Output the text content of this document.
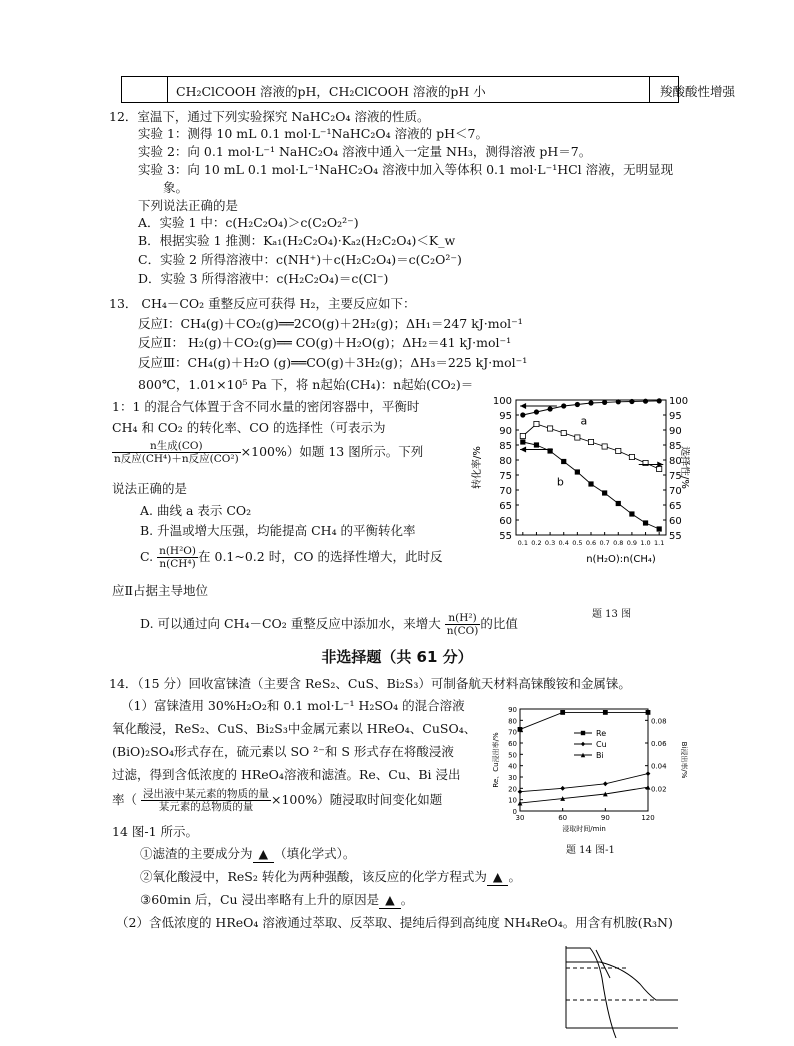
CH₂ClCOOH 溶液的pH，CH₂ClCOOH 溶液的pH 小	羧酸酸性增强
12．室温下，通过下列实验探究 NaHC₂O₄ 溶液的性质。
实验 1：测得 10 mL 0.1 mol·L⁻¹NaHC₂O₄ 溶液的 pH＜7。
实验 2：向 0.1 mol·L⁻¹ NaHC₂O₄ 溶液中通入一定量 NH₃，测得溶液 pH＝7。
实验 3：向 10 mL 0.1 mol·L⁻¹NaHC₂O₄ 溶液中加入等体积 0.1 mol·L⁻¹HCl 溶液，无明显现
象。
下列说法正确的是
A．实验 1 中：c(H₂C₂O₄)＞c(C₂O₂²⁻)
B．根据实验 1 推测：Kₐ₁(H₂C₂O₄)·Kₐ₂(H₂C₂O₄)＜K_w
C．实验 2 所得溶液中：c(NH⁺)＋c(H₂C₂O₄)＝c(C₂O²⁻)
D．实验 3 所得溶液中：c(H₂C₂O₄)＝c(Cl⁻)
13． CH₄－CO₂ 重整反应可获得 H₂，主要反应如下：
反应Ⅰ：CH₄(g)＋CO₂(g)══2CO(g)＋2H₂(g)；ΔH₁＝247 kJ·mol⁻¹
反应Ⅱ： H₂(g)＋CO₂(g)══ CO(g)＋H₂O(g)；ΔH₂＝41 kJ·mol⁻¹
反应Ⅲ：CH₄(g)＋H₂O (g)══CO(g)＋3H₂(g)；ΔH₃＝225 kJ·mol⁻¹
800℃，1.01×10⁵ Pa 下，将 n起始(CH₄)：n起始(CO₂)＝
1：1 的混合气体置于含不同水量的密闭容器中，平衡时
CH₄ 和 CO₂ 的转化率、CO 的选择性（可表示为
$\frac{\text{n生成(CO)}}{\text{n反应(CH⁴)＋n反应(CO²)}} \times 100\%$）如题 13 图所示。下列
说法正确的是
A. 曲线 a 表示 CO₂
B. 升温或增大压强，均能提高 CH₄ 的平衡转化率
C. $\frac{\text{n(H²O)}}{\text{n(CH⁴)}}$ 在 0.1~0.2 时，CO 的选择性增大，此时反
应Ⅱ占据主导地位
D. 可以通过向 CH₄－CO₂ 重整反应中添加水，来增大 $\frac{\text{n(H²)}}{n(CO)}$ 的比值
题 13 图
55
60
65
70
75
80
85
90
95
100
55
60
65
70
75
80
85
90
95
100
0.1 0.2 0.3 0.4 0.5 0.6 0.7 0.8 0.9 1.0 1.1
n(H₂O):n(CH₄)
转化率/%	选择性/%
a
b
非选择题（共 61 分）
14．（15 分）回收富铼渣（主要含 ReS₂、CuS、Bi₂S₃）可制备航天材料高铼酸铵和金属铼。
（1）富铼渣用 30%H₂O₂和 0.1 mol·L⁻¹ H₂SO₄ 的混合溶液
氧化酸浸，ReS₂、CuS、Bi₂S₃中金属元素以 HReO₄、CuSO₄、
(BiO)₂SO₄形式存在，硫元素以 SO ²⁻和 S 形式存在将酸浸液
过滤，得到含低浓度的 HReO₄溶液和滤渣。Re、Cu、Bi 浸出
率（ $\frac{\text{浸出液中某元素的物质的量}}{\text{某元素的总物质的量}} \times 100\%$）随浸取时间变化如题
14 图-1 所示。
①滤渣的主要成分为 ▲ （填化学式）。
②氧化酸浸中，ReS₂ 转化为两种强酸，该反应的化学方程式为 ▲ 。
③60min 后，Cu 浸出率略有上升的原因是 ▲ 。
（2）含低浓度的 HReO₄ 溶液通过萃取、反萃取、提纯后得到高纯度 NH₄ReO₄。用含有机胺(R₃N)
题 14 图-1
0
10
20
30
40
50
60
70
80
90
0.02
0.04
0.06
0.08
30	60	90	120
浸取时间/min
Re、Cu浸出率/%	Bi浸出率/%
Re
Cu
Bi
